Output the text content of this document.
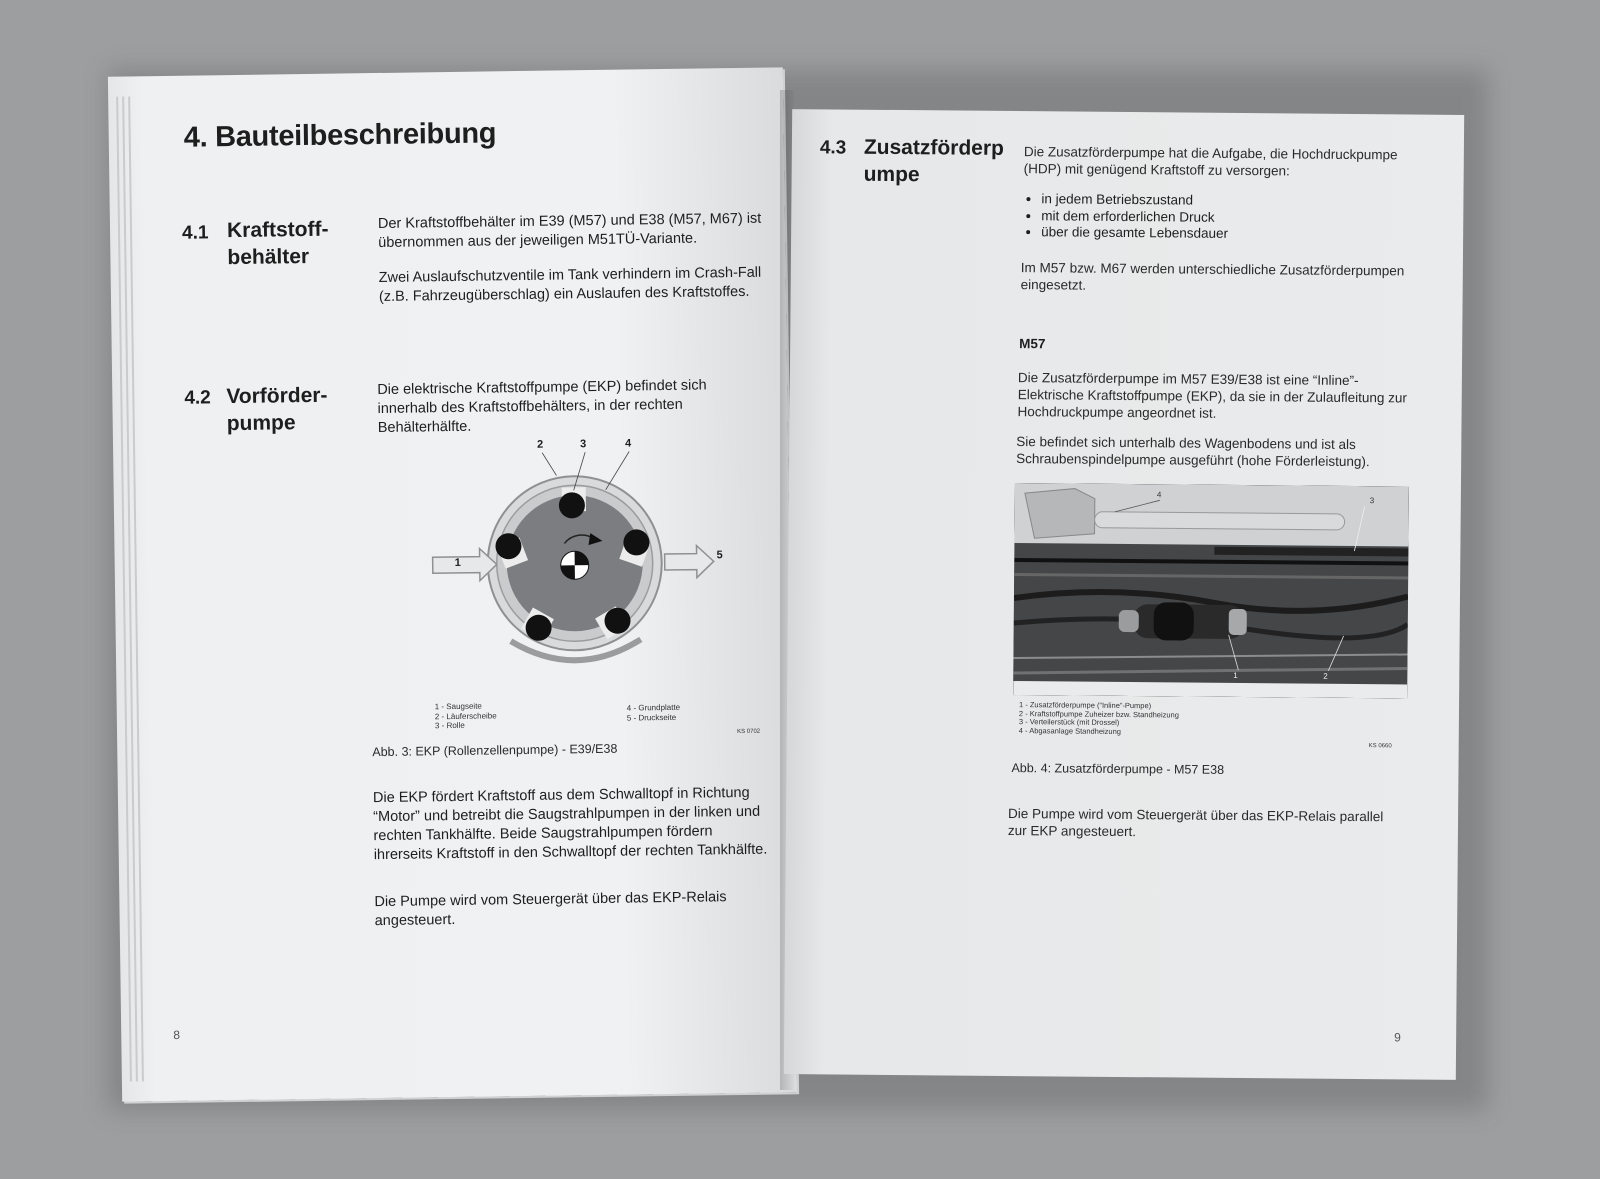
4. Bauteilbeschreibung
4.1 Kraftstoff- behälter
Der Kraftstoffbehälter im E39 (M57) und E38 (M57, M67) ist übernommen aus der jeweiligen M51TÜ-Variante.
Zwei Auslaufschutzventile im Tank verhindern im Crash-Fall (z.B. Fahrzeugüberschlag) ein Auslaufen des Kraftstoffes.
4.2 Vorförder- pumpe
Die elektrische Kraftstoffpumpe (EKP) befindet sich innerhalb des Kraftstoffbehälters, in der rechten Behälterhälfte.
1
2	3	4
5
1 - Saugseite
2 - Läuferscheibe
3 - Rolle
4 - Grundplatte
5 - Druckseite
KS 0702
Abb. 3: EKP (Rollenzellenpumpe) - E39/E38
Die EKP fördert Kraftstoff aus dem Schwalltopf in Richtung “Motor” und betreibt die Saugstrahlpumpen in der linken und rechten Tankhälfte. Beide Saugstrahlpumpen fördern ihrerseits Kraftstoff in den Schwalltopf der rechten Tankhälfte.
Die Pumpe wird vom Steuergerät über das EKP-Relais angesteuert.
8
4.3 Zusatzförderp umpe
Die Zusatzförderpumpe hat die Aufgabe, die Hochdruckpumpe (HDP) mit genügend Kraftstoff zu versorgen:
• in jedem Betriebszustand
• mit dem erforderlichen Druck
• über die gesamte Lebensdauer
Im M57 bzw. M67 werden unterschiedliche Zusatzförderpumpen eingesetzt.
M57
Die Zusatzförderpumpe im M57 E39/E38 ist eine “Inline”-Elektrische Kraftstoffpumpe (EKP), da sie in der Zulaufleitung zur Hochdruckpumpe angeordnet ist.
Sie befindet sich unterhalb des Wagenbodens und ist als Schraubenspindelpumpe ausgeführt (hohe Förderleistung).
1	2
3
4
1 - Zusatzförderpumpe (“Inline”-Pumpe)
2 - Kraftstoffpumpe Zuheizer bzw. Standheizung
3 - Verteilerstück (mit Drossel)
4 - Abgasanlage Standheizung
KS 0660
Abb. 4: Zusatzförderpumpe - M57 E38
Die Pumpe wird vom Steuergerät über das EKP-Relais parallel zur EKP angesteuert.
9
